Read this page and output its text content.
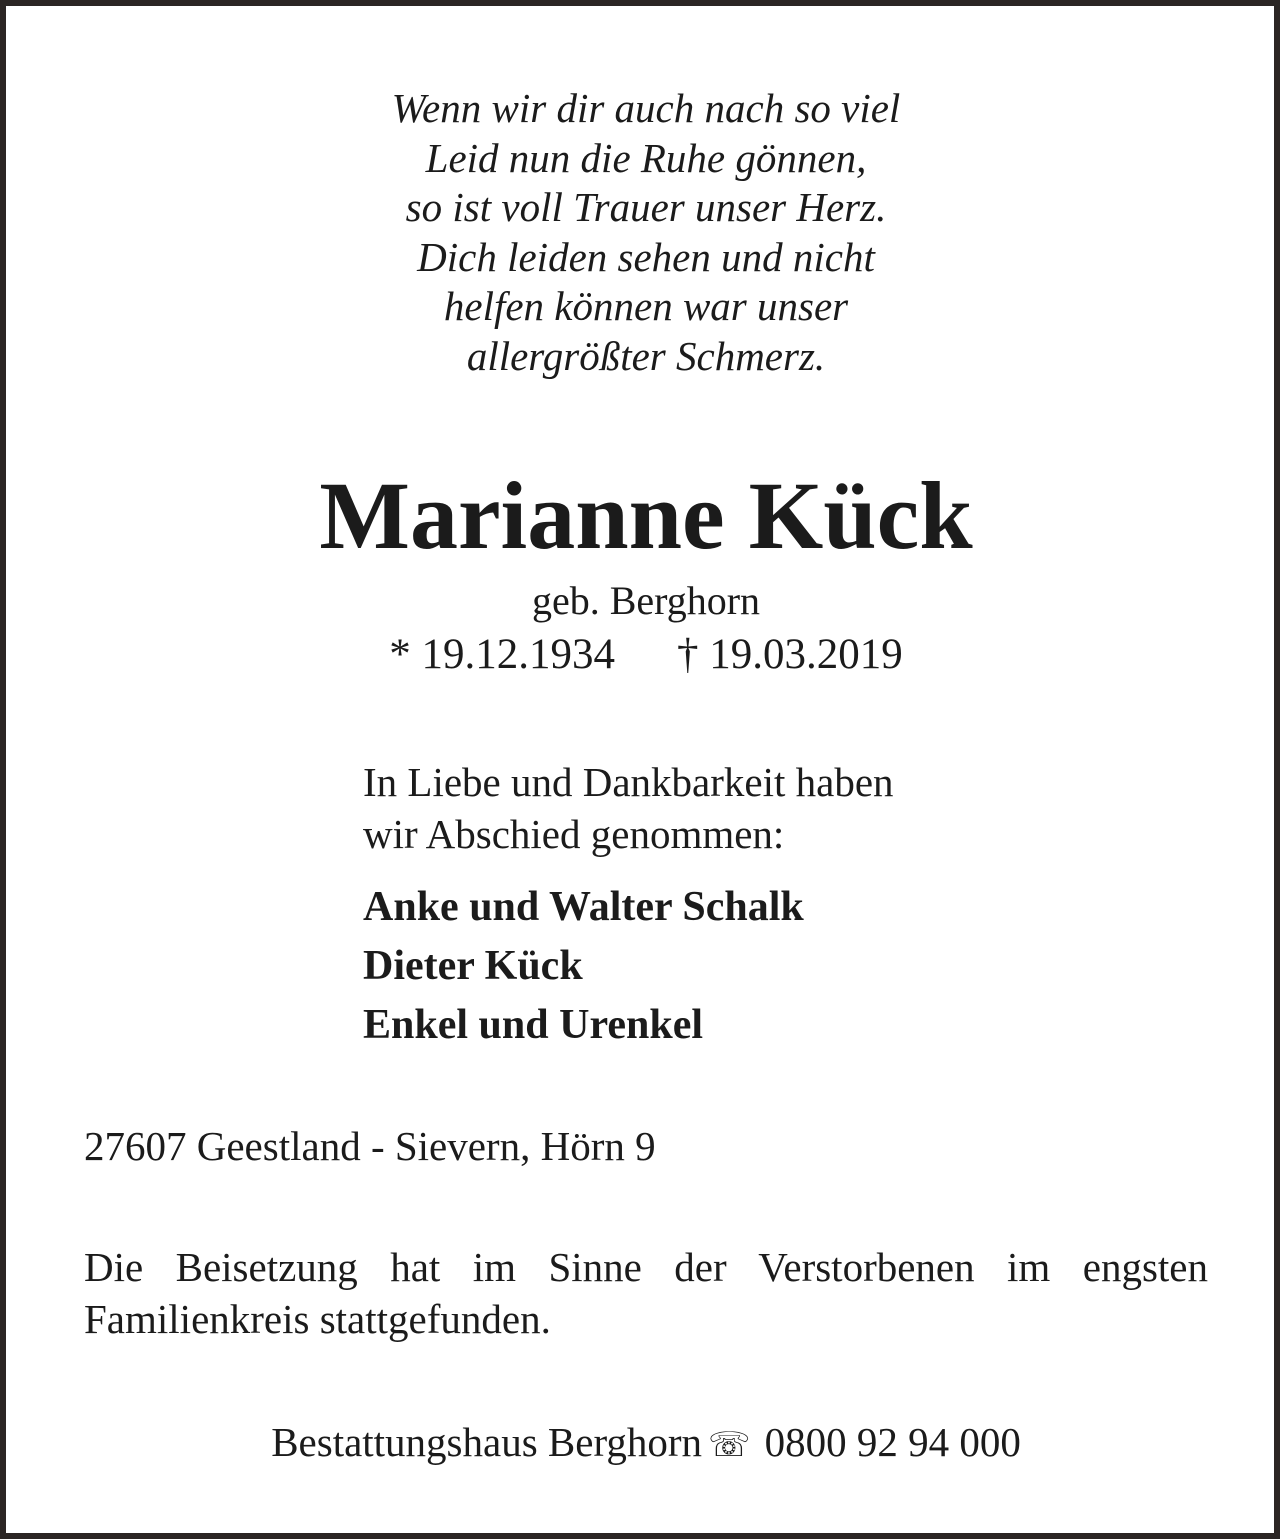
Wenn wir dir auch nach so viel
Leid nun die Ruhe gönnen,
so ist voll Trauer unser Herz.
Dich leiden sehen und nicht
helfen können war unser
allergrößter Schmerz.
Marianne Kück
geb. Berghorn
* 19.12.1934 † 19.03.2019
In Liebe und Dankbarkeit haben
wir Abschied genommen:
Anke und Walter Schalk
Dieter Kück
Enkel und Urenkel
27607 Geestland - Sievern, Hörn 9
Die Beisetzung hat im Sinne der Verstorbenen im engsten Familienkreis stattgefunden.
Bestattungshaus Berghorn ☏ 0800 92 94 000
